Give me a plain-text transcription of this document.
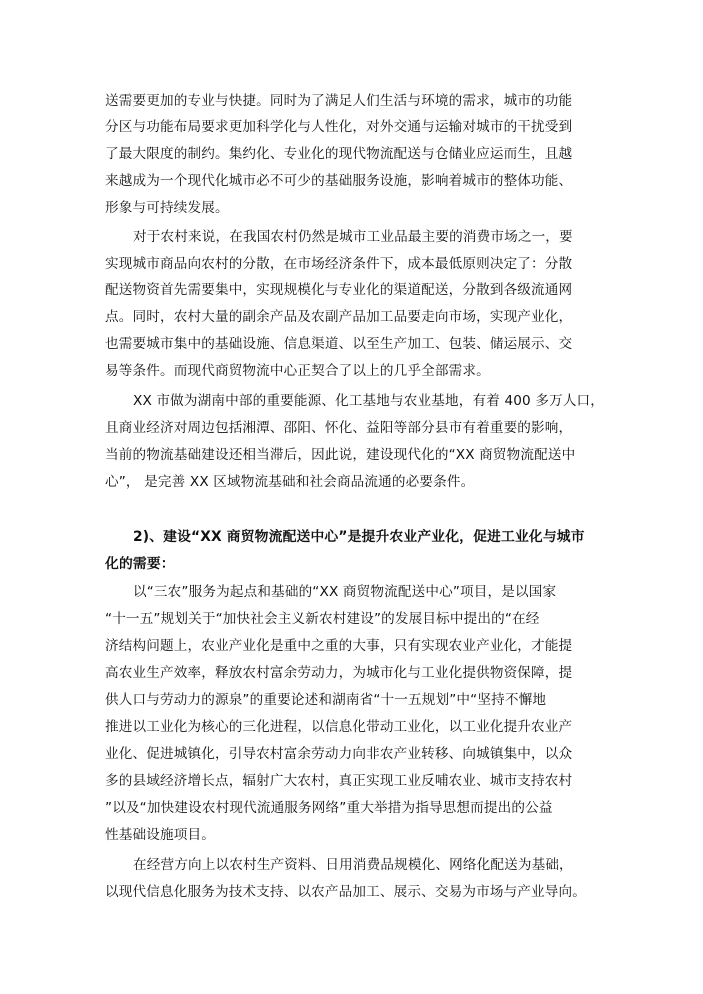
送需要更加的专业与快捷。同时为了满足人们生活与环境的需求，城市的功能
分区与功能布局要求更加科学化与人性化，对外交通与运输对城市的干扰受到
了最大限度的制约。集约化、专业化的现代物流配送与仓储业应运而生，且越
来越成为一个现代化城市必不可少的基础服务设施，影响着城市的整体功能、
形象与可持续发展。
对于农村来说，在我国农村仍然是城市工业品最主要的消费市场之一，要
实现城市商品向农村的分散，在市场经济条件下，成本最低原则决定了：分散
配送物资首先需要集中，实现规模化与专业化的渠道配送，分散到各级流通网
点。同时，农村大量的副余产品及农副产品加工品要走向市场，实现产业化，
也需要城市集中的基础设施、信息渠道、以至生产加工、包装、储运展示、交
易等条件。而现代商贸物流中心正契合了以上的几乎全部需求。
XX 市做为湖南中部的重要能源、化工基地与农业基地，有着 400 多万人口，
且商业经济对周边包括湘潭、邵阳、怀化、益阳等部分县市有着重要的影响，
当前的物流基础建设还相当滞后，因此说，建设现代化的“XX 商贸物流配送中
心”， 是完善 XX 区域物流基础和社会商品流通的必要条件。
2)、建设“XX 商贸物流配送中心”是提升农业产业化，促进工业化与城市
化的需要：
以“三农”服务为起点和基础的“XX 商贸物流配送中心”项目，是以国家
“十一五”规划关于“加快社会主义新农村建设”的发展目标中提出的“在经
济结构问题上，农业产业化是重中之重的大事，只有实现农业产业化，才能提
高农业生产效率，释放农村富余劳动力，为城市化与工业化提供物资保障，提
供人口与劳动力的源泉”的重要论述和湖南省“十一五规划”中“坚持不懈地
推进以工业化为核心的三化进程，以信息化带动工业化，以工业化提升农业产
业化、促进城镇化，引导农村富余劳动力向非农产业转移、向城镇集中，以众
多的县域经济增长点，辐射广大农村，真正实现工业反哺农业、城市支持农村
”以及“加快建设农村现代流通服务网络”重大举措为指导思想而提出的公益
性基础设施项目。
在经营方向上以农村生产资料、日用消费品规模化、网络化配送为基础，
以现代信息化服务为技术支持、以农产品加工、展示、交易为市场与产业导向。
